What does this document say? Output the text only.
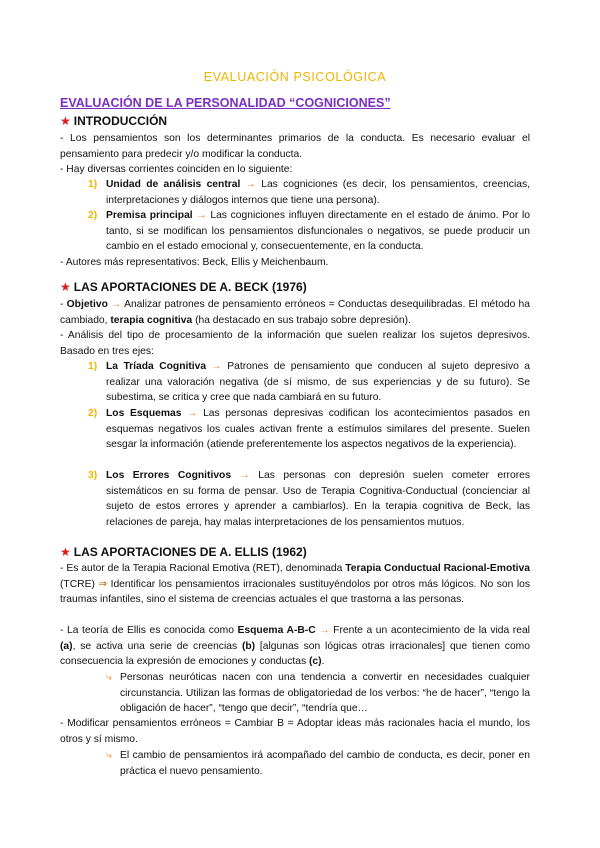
EVALUACIÓN PSICOLÓGICA
EVALUACIÓN DE LA PERSONALIDAD “COGNICIONES”
★ INTRODUCCIÓN
- Los pensamientos son los determinantes primarios de la conducta. Es necesario evaluar el pensamiento para predecir y/o modificar la conducta.
- Hay diversas corrientes coinciden en lo siguiente:
1) Unidad de análisis central → Las cogniciones (es decir, los pensamientos, creencias, interpretaciones y diálogos internos que tiene una persona).
2) Premisa principal → Las cogniciones influyen directamente en el estado de ánimo. Por lo tanto, si se modifican los pensamientos disfuncionales o negativos, se puede producir un cambio en el estado emocional y, consecuentemente, en la conducta.
- Autores más representativos: Beck, Ellis y Meichenbaum.
★ LAS APORTACIONES DE A. BECK (1976)
- Objetivo → Analizar patrones de pensamiento erróneos = Conductas desequilibradas. El método ha cambiado, terapia cognitiva (ha destacado en sus trabajo sobre depresión).
- Análisis del tipo de procesamiento de la información que suelen realizar los sujetos depresivos. Basado en tres ejes:
1) La Tríada Cognitiva → Patrones de pensamiento que conducen al sujeto depresivo a realizar una valoración negativa (de sí mismo, de sus experiencias y de su futuro). Se subestima, se critica y cree que nada cambiará en su futuro.
2) Los Esquemas → Las personas depresivas codifican los acontecimientos pasados en esquemas negativos los cuales activan frente a estímulos similares del presente. Suelen sesgar la información (atiende preferentemente los aspectos negativos de la experiencia).
3) Los Errores Cognitivos → Las personas con depresión suelen cometer errores sistemáticos en su forma de pensar. Uso de Terapia Cognitiva-Conductual (concienciar al sujeto de estos errores y aprender a cambiarlos). En la terapia cognitiva de Beck, las relaciones de pareja, hay malas interpretaciones de los pensamientos mutuos.
★ LAS APORTACIONES DE A. ELLIS (1962)
- Es autor de la Terapia Racional Emotiva (RET), denominada Terapia Conductual Racional-Emotiva (TCRE) ⇒ Identificar los pensamientos irracionales sustituyéndolos por otros más lógicos. No son los traumas infantiles, sino el sistema de creencias actuales el que trastorna a las personas.
- La teoría de Ellis es conocida como Esquema A-B-C → Frente a un acontecimiento de la vida real (a), se activa una serie de creencias (b) [algunas son lógicas otras irracionales] que tienen como consecuencia la expresión de emociones y conductas (c).
⤷ Personas neuróticas nacen con una tendencia a convertir en necesidades cualquier circunstancia. Utilizan las formas de obligatoriedad de los verbos: “he de hacer”, “tengo la obligación de hacer”, “tengo que decir”, “tendría que…
- Modificar pensamientos erróneos = Cambiar B = Adoptar ideas más racionales hacia el mundo, los otros y sí mismo.
⤷ El cambio de pensamientos irá acompañado del cambio de conducta, es decir, poner en práctica el nuevo pensamiento.
